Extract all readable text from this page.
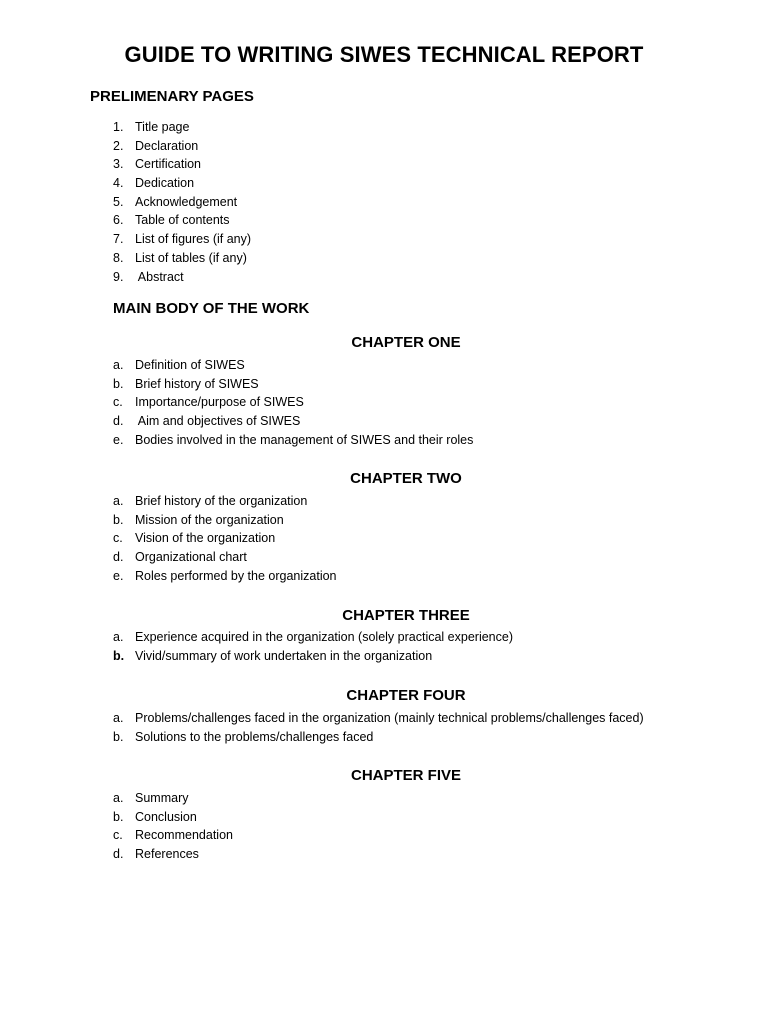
GUIDE TO WRITING SIWES TECHNICAL REPORT
PRELIMENARY PAGES
1. Title page
2. Declaration
3. Certification
4. Dedication
5. Acknowledgement
6. Table of contents
7. List of figures (if any)
8. List of tables (if any)
9. Abstract
MAIN BODY OF THE WORK
CHAPTER ONE
a. Definition of SIWES
b. Brief history of SIWES
c. Importance/purpose of SIWES
d. Aim and objectives of SIWES
e. Bodies involved in the management of SIWES and their roles
CHAPTER TWO
a. Brief history of the organization
b. Mission of the organization
c. Vision of the organization
d. Organizational chart
e. Roles performed by the organization
CHAPTER THREE
a. Experience acquired in the organization (solely practical experience)
b. Vivid/summary of work undertaken in the organization
CHAPTER FOUR
a. Problems/challenges faced in the organization (mainly technical problems/challenges faced)
b. Solutions to the problems/challenges faced
CHAPTER FIVE
a. Summary
b. Conclusion
c. Recommendation
d. References
